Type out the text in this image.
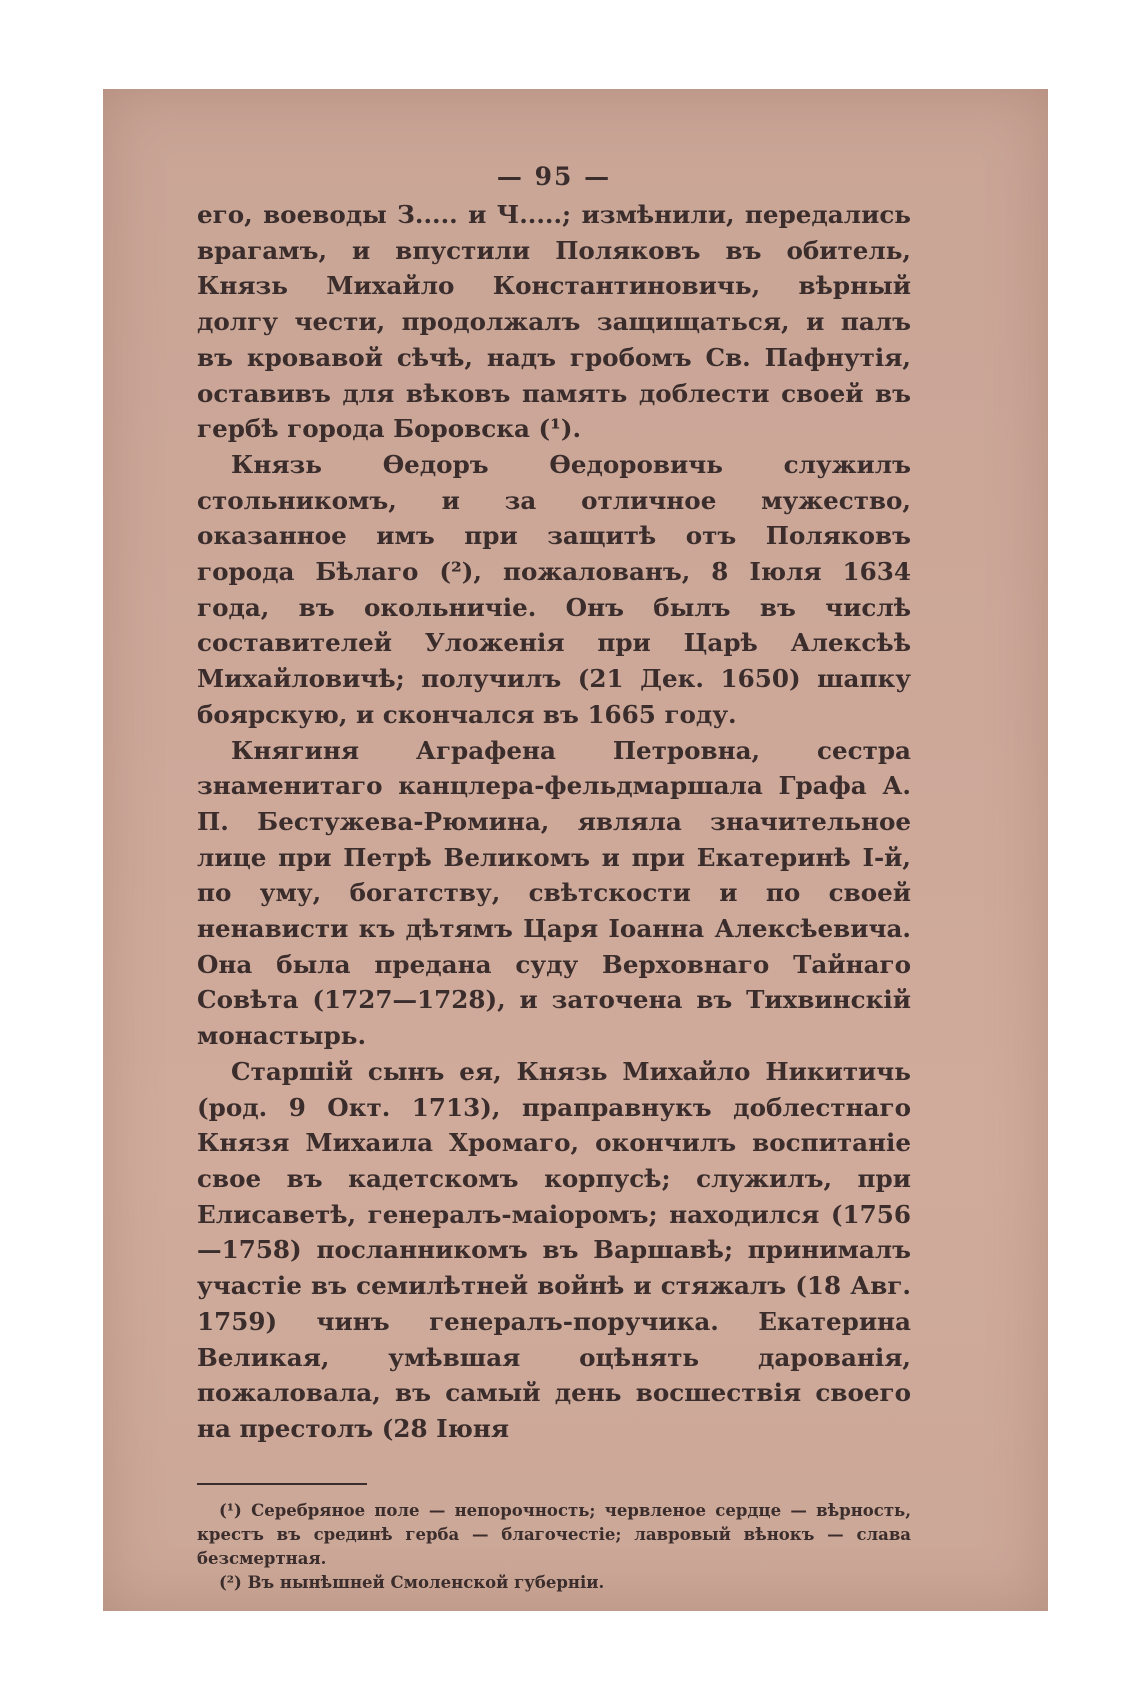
— 95 —

его, воеводы З..... и Ч.....; измѣнили, передались врагамъ, и впустили Поляковъ въ обитель, Князь Михайло Константиновичь, вѣрный долгу чести, продолжалъ защищаться, и палъ въ кровавой сѣчѣ, надъ гробомъ Св. Пафнутія, оставивъ для вѣковъ память доблести своей въ гербѣ города Боровска (¹).

Князь Ѳедоръ Ѳедоровичь служилъ стольникомъ, и за отличное мужество, оказанное имъ при защитѣ отъ Поляковъ города Бѣлаго (²), пожалованъ, 8 Іюля 1634 года, въ окольничіе. Онъ былъ въ числѣ составителей Уложенія при Царѣ Алексѣѣ Михайловичѣ; получилъ (21 Дек. 1650) шапку боярскую, и скончался въ 1665 году.

Княгиня Аграфена Петровна, сестра знаменитаго канцлера-фельдмаршала Графа А. П. Бестужева-Рюмина, являла значительное лице при Петрѣ Великомъ и при Екатеринѣ І-й, по уму, богатству, свѣтскости и по своей ненависти къ дѣтямъ Царя Іоанна Алексѣевича. Она была предана суду Верховнаго Тайнаго Совѣта (1727—1728), и заточена въ Тихвинскій монастырь.

Старшій сынъ ея, Князь Михайло Никитичь (род. 9 Окт. 1713), праправнукъ доблестнаго Князя Михаила Хромаго, окончилъ воспитаніе свое въ кадетскомъ корпусѣ; служилъ, при Елисаветѣ, генералъ-маіоромъ; находился (1756—1758) посланникомъ въ Варшавѣ; принималъ участіе въ семилѣтней войнѣ и стяжалъ (18 Авг. 1759) чинъ генералъ-поручика. Екатерина Великая, умѣвшая оцѣнять дарованія, пожаловала, въ самый день восшествія своего на престолъ (28 Іюня

(¹) Серебряное поле — непорочность; червленое сердце — вѣрность, крестъ въ срединѣ герба — благочестіе; лавровый вѣнокъ — слава безсмертная.

(²) Въ нынѣшней Смоленской губерніи.
